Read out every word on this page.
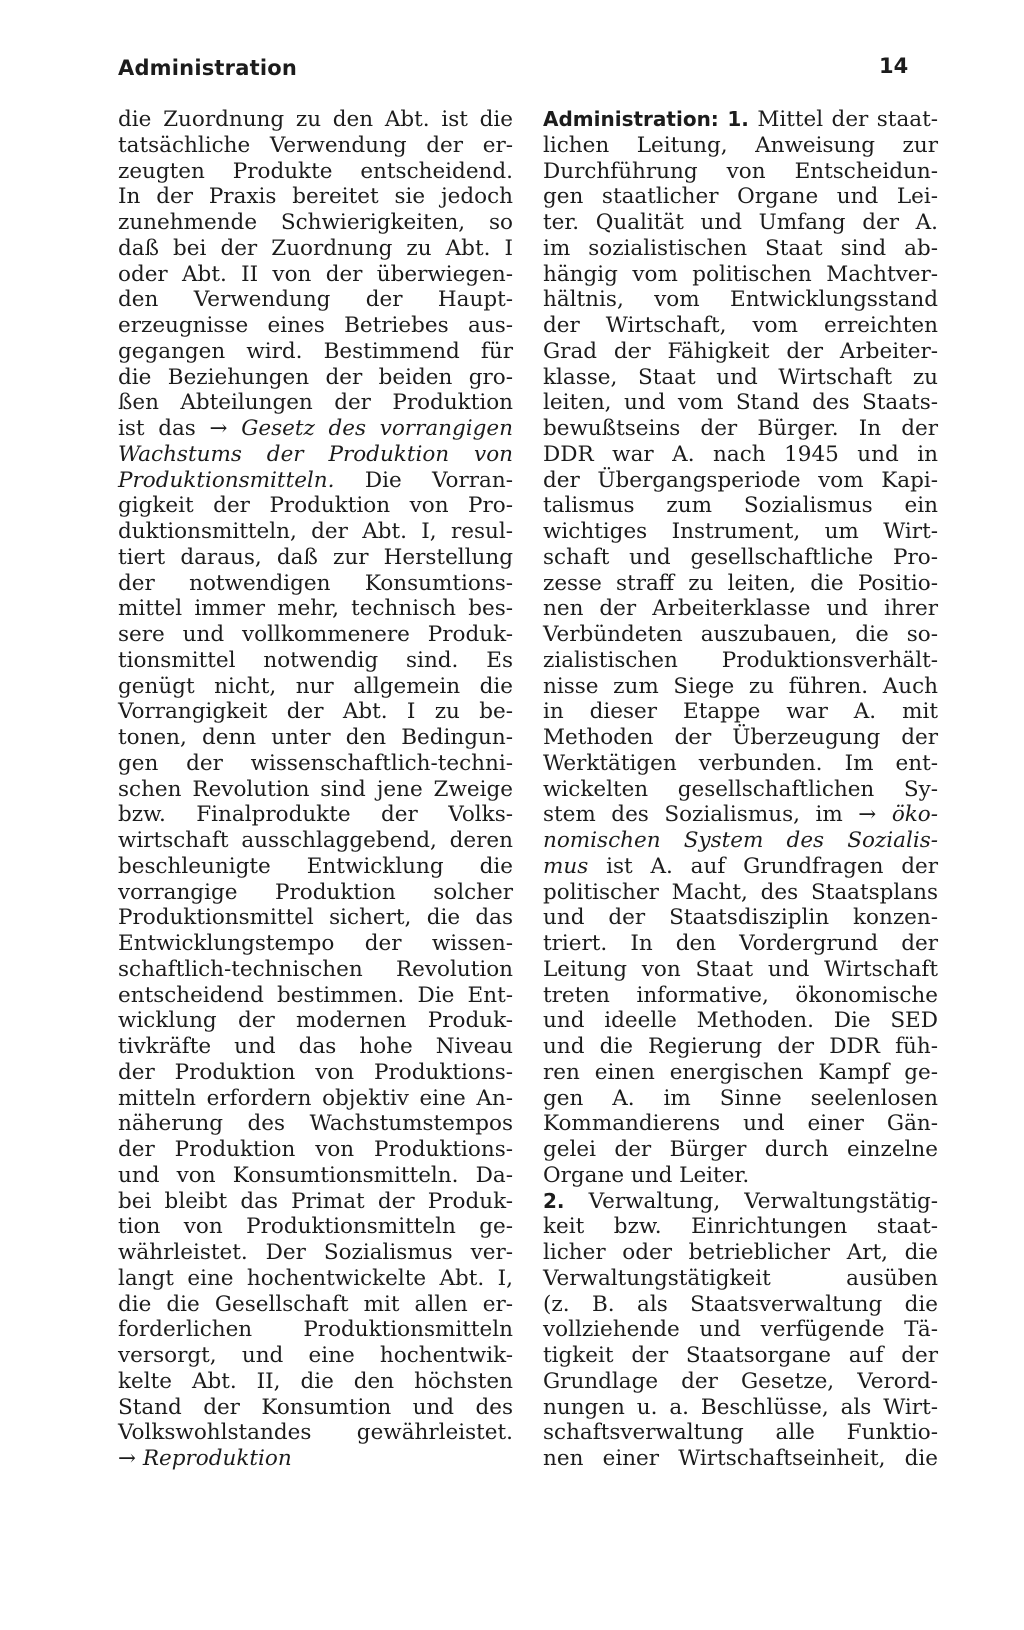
Administration	14
die Zuordnung zu den Abt. ist die
tatsächliche Verwendung der er-
zeugten Produkte entscheidend.
In der Praxis bereitet sie jedoch
zunehmende Schwierigkeiten, so
daß bei der Zuordnung zu Abt. I
oder Abt. II von der überwiegen-
den Verwendung der Haupt-
erzeugnisse eines Betriebes aus-
gegangen wird. Bestimmend für
die Beziehungen der beiden gro-
ßen Abteilungen der Produktion
ist das → Gesetz des vorrangigen
Wachstums der Produktion von
Produktionsmitteln. Die Vorran-
gigkeit der Produktion von Pro-
duktionsmitteln, der Abt. I, resul-
tiert daraus, daß zur Herstellung
der notwendigen Konsumtions-
mittel immer mehr, technisch bes-
sere und vollkommenere Produk-
tionsmittel notwendig sind. Es
genügt nicht, nur allgemein die
Vorrangigkeit der Abt. I zu be-
tonen, denn unter den Bedingun-
gen der wissenschaftlich-techni-
schen Revolution sind jene Zweige
bzw. Finalprodukte der Volks-
wirtschaft ausschlaggebend, deren
beschleunigte Entwicklung die
vorrangige Produktion solcher
Produktionsmittel sichert, die das
Entwicklungstempo der wissen-
schaftlich-technischen Revolution
entscheidend bestimmen. Die Ent-
wicklung der modernen Produk-
tivkräfte und das hohe Niveau
der Produktion von Produktions-
mitteln erfordern objektiv eine An-
näherung des Wachstumstempos
der Produktion von Produktions-
und von Konsumtionsmitteln. Da-
bei bleibt das Primat der Produk-
tion von Produktionsmitteln ge-
währleistet. Der Sozialismus ver-
langt eine hochentwickelte Abt. I,
die die Gesellschaft mit allen er-
forderlichen Produktionsmitteln
versorgt, und eine hochentwik-
kelte Abt. II, die den höchsten
Stand der Konsumtion und des
Volkswohlstandes gewährleistet.
→ Reproduktion
Administration: 1. Mittel der staat-
lichen Leitung, Anweisung zur
Durchführung von Entscheidun-
gen staatlicher Organe und Lei-
ter. Qualität und Umfang der A.
im sozialistischen Staat sind ab-
hängig vom politischen Machtver-
hältnis, vom Entwicklungsstand
der Wirtschaft, vom erreichten
Grad der Fähigkeit der Arbeiter-
klasse, Staat und Wirtschaft zu
leiten, und vom Stand des Staats-
bewußtseins der Bürger. In der
DDR war A. nach 1945 und in
der Übergangsperiode vom Kapi-
talismus zum Sozialismus ein
wichtiges Instrument, um Wirt-
schaft und gesellschaftliche Pro-
zesse straff zu leiten, die Positio-
nen der Arbeiterklasse und ihrer
Verbündeten auszubauen, die so-
zialistischen Produktionsverhält-
nisse zum Siege zu führen. Auch
in dieser Etappe war A. mit
Methoden der Überzeugung der
Werktätigen verbunden. Im ent-
wickelten gesellschaftlichen Sy-
stem des Sozialismus, im → öko-
nomischen System des Sozialis-
mus ist A. auf Grundfragen der
politischer Macht, des Staatsplans
und der Staatsdisziplin konzen-
triert. In den Vordergrund der
Leitung von Staat und Wirtschaft
treten informative, ökonomische
und ideelle Methoden. Die SED
und die Regierung der DDR füh-
ren einen energischen Kampf ge-
gen A. im Sinne seelenlosen
Kommandierens und einer Gän-
gelei der Bürger durch einzelne
Organe und Leiter.
2. Verwaltung, Verwaltungstätig-
keit bzw. Einrichtungen staat-
licher oder betrieblicher Art, die
Verwaltungstätigkeit ausüben
(z. B. als Staatsverwaltung die
vollziehende und verfügende Tä-
tigkeit der Staatsorgane auf der
Grundlage der Gesetze, Verord-
nungen u. a. Beschlüsse, als Wirt-
schaftsverwaltung alle Funktio-
nen einer Wirtschaftseinheit, die
